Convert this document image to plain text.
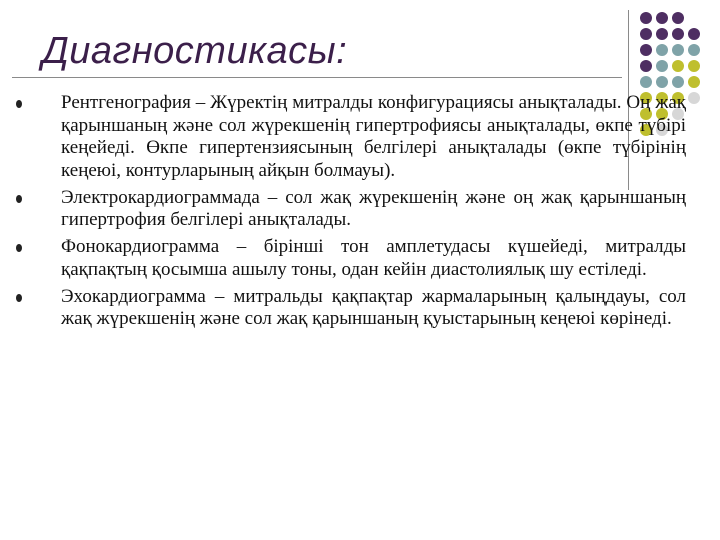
Диагностикасы:
Рентгенография – Жүректің митралды конфигурациясы анықталады. Оң жақ қарыншаның және сол жүрекшенің гипертрофиясы анықталады, өкпе түбірі кеңейеді. Өкпе гипертензиясының белгілері анықталады (өкпе түбірінің кеңеюі, контурларының айқын болмауы).
Электрокардиограммада – сол жақ жүрекшенің және оң жақ қарыншаның гипертрофия белгілері анықталады.
Фонокардиограмма – бірінші тон амплетудасы күшейеді, митралды қақпақтың қосымша ашылу тоны, одан кейін диастолиялық шу естіледі.
Эхокардиограмма – митральды қақпақтар жармаларының қалыңдауы, сол жақ жүрекшенің және сол жақ қарыншаның қуыстарының кеңеюі көрінеді.
